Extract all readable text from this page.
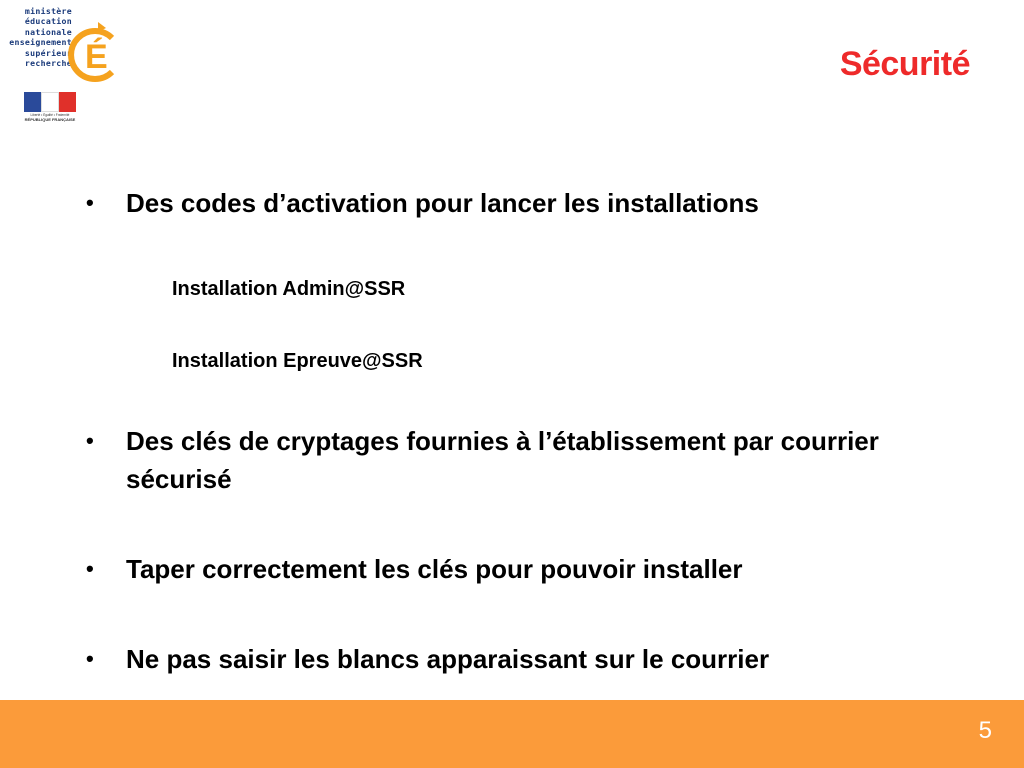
ministère
éducation
nationale
enseignement
supérieur
recherche É
Liberté • Égalité • Fraternité
RÉPUBLIQUE FRANÇAISE
Sécurité
•	Des codes d’activation pour lancer les installations
Installation Admin@SSR
Installation Epreuve@SSR
•	Des clés de cryptages fournies à l’établissement par courrier sécurisé
•	Taper correctement les clés pour pouvoir installer
•	Ne pas saisir les blancs apparaissant sur le courrier
5
